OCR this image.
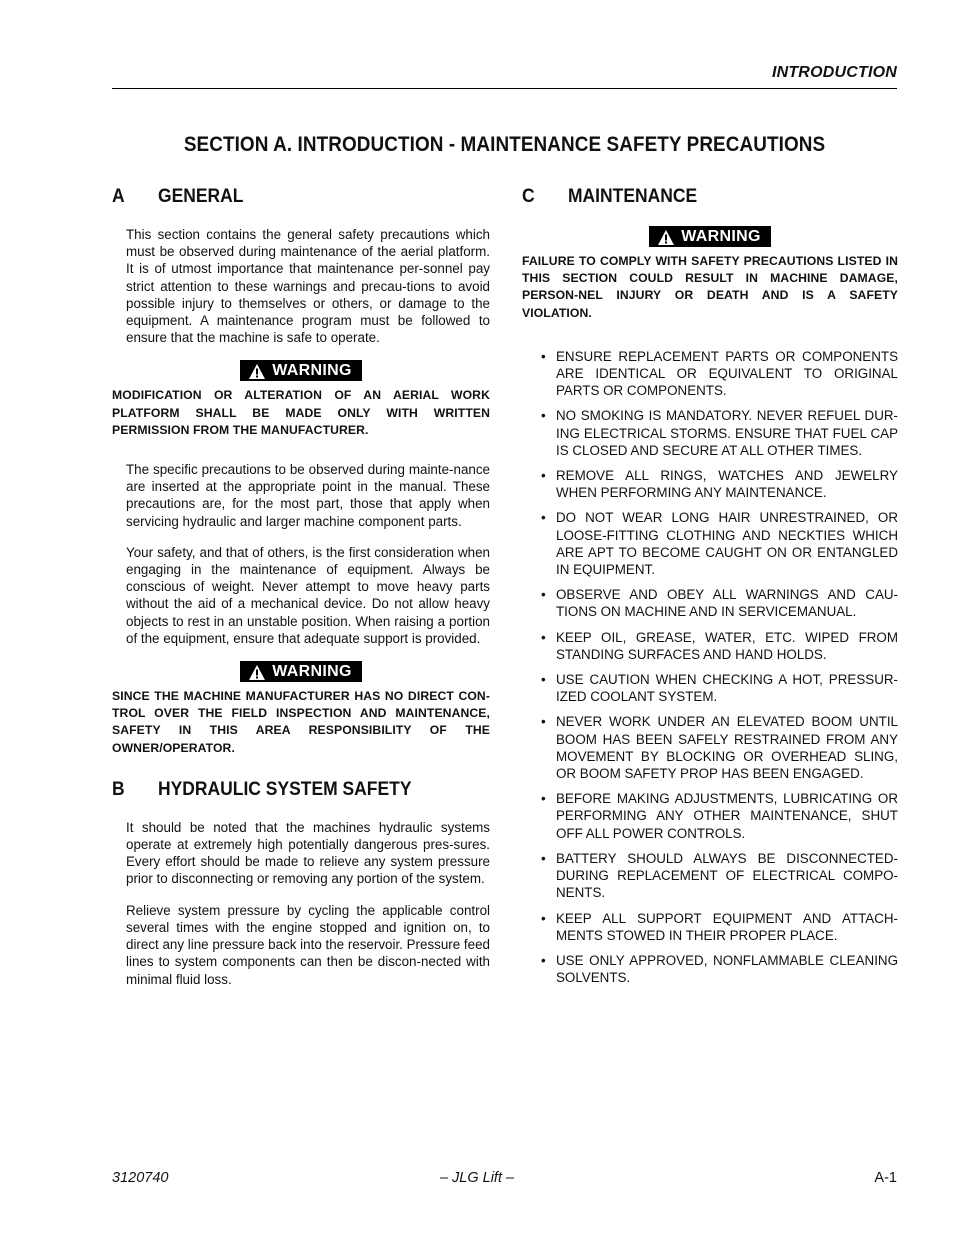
INTRODUCTION
SECTION A. INTRODUCTION - MAINTENANCE SAFETY PRECAUTIONS
A	GENERAL

This section contains the general safety precautions which must be observed during maintenance of the aerial platform. It is of utmost importance that maintenance per-sonnel pay strict attention to these warnings and precau-tions to avoid possible injury to themselves or others, or damage to the equipment. A maintenance program must be followed to ensure that the machine is safe to operate.

WARNING

MODIFICATION OR ALTERATION OF AN AERIAL WORK PLATFORM SHALL BE MADE ONLY WITH WRITTEN PERMISSION FROM THE MANUFACTURER.

The specific precautions to be observed during mainte-nance are inserted at the appropriate point in the manual. These precautions are, for the most part, those that apply when servicing hydraulic and larger machine component parts.

Your safety, and that of others, is the first consideration when engaging in the maintenance of equipment. Always be conscious of weight. Never attempt to move heavy parts without the aid of a mechanical device. Do not allow heavy objects to rest in an unstable position. When raising a portion of the equipment, ensure that adequate support is provided.

WARNING

SINCE THE MACHINE MANUFACTURER HAS NO DIRECT CON-TROL OVER THE FIELD INSPECTION AND MAINTENANCE, SAFETY IN THIS AREA RESPONSIBILITY OF THE OWNER/OPERATOR.

B	HYDRAULIC SYSTEM SAFETY

It should be noted that the machines hydraulic systems operate at extremely high potentially dangerous pres-sures. Every effort should be made to relieve any system pressure prior to disconnecting or removing any portion of the system.

Relieve system pressure by cycling the applicable control several times with the engine stopped and ignition on, to direct any line pressure back into the reservoir. Pressure feed lines to system components can then be discon-nected with minimal fluid loss.

C	MAINTENANCE
WARNING

FAILURE TO COMPLY WITH SAFETY PRECAUTIONS LISTED IN THIS SECTION COULD RESULT IN MACHINE DAMAGE, PERSON-NEL INJURY OR DEATH AND IS A SAFETY VIOLATION.

• ENSURE REPLACEMENT PARTS OR COMPONENTS ARE IDENTICAL OR EQUIVALENT TO ORIGINAL PARTS OR COMPONENTS.
• NO SMOKING IS MANDATORY. NEVER REFUEL DUR-ING ELECTRICAL STORMS. ENSURE THAT FUEL CAP IS CLOSED AND SECURE AT ALL OTHER TIMES.
• REMOVE ALL RINGS, WATCHES AND JEWELRY WHEN PERFORMING ANY MAINTENANCE.
• DO NOT WEAR LONG HAIR UNRESTRAINED, OR LOOSE-FITTING CLOTHING AND NECKTIES WHICH ARE APT TO BECOME CAUGHT ON OR ENTANGLED IN EQUIPMENT.
• OBSERVE AND OBEY ALL WARNINGS AND CAU-TIONS ON MACHINE AND IN SERVICEMANUAL.
• KEEP OIL, GREASE, WATER, ETC. WIPED FROM STANDING SURFACES AND HAND HOLDS.
• USE CAUTION WHEN CHECKING A HOT, PRESSUR-IZED COOLANT SYSTEM.
• NEVER WORK UNDER AN ELEVATED BOOM UNTIL BOOM HAS BEEN SAFELY RESTRAINED FROM ANY MOVEMENT BY BLOCKING OR OVERHEAD SLING, OR BOOM SAFETY PROP HAS BEEN ENGAGED.
• BEFORE MAKING ADJUSTMENTS, LUBRICATING OR PERFORMING ANY OTHER MAINTENANCE, SHUT OFF ALL POWER CONTROLS.
• BATTERY SHOULD ALWAYS BE DISCONNECTED-DURING REPLACEMENT OF ELECTRICAL COMPO-NENTS.
• KEEP ALL SUPPORT EQUIPMENT AND ATTACH-MENTS STOWED IN THEIR PROPER PLACE.
• USE ONLY APPROVED, NONFLAMMABLE CLEANING SOLVENTS.
3120740	– JLG Lift –	A-1
